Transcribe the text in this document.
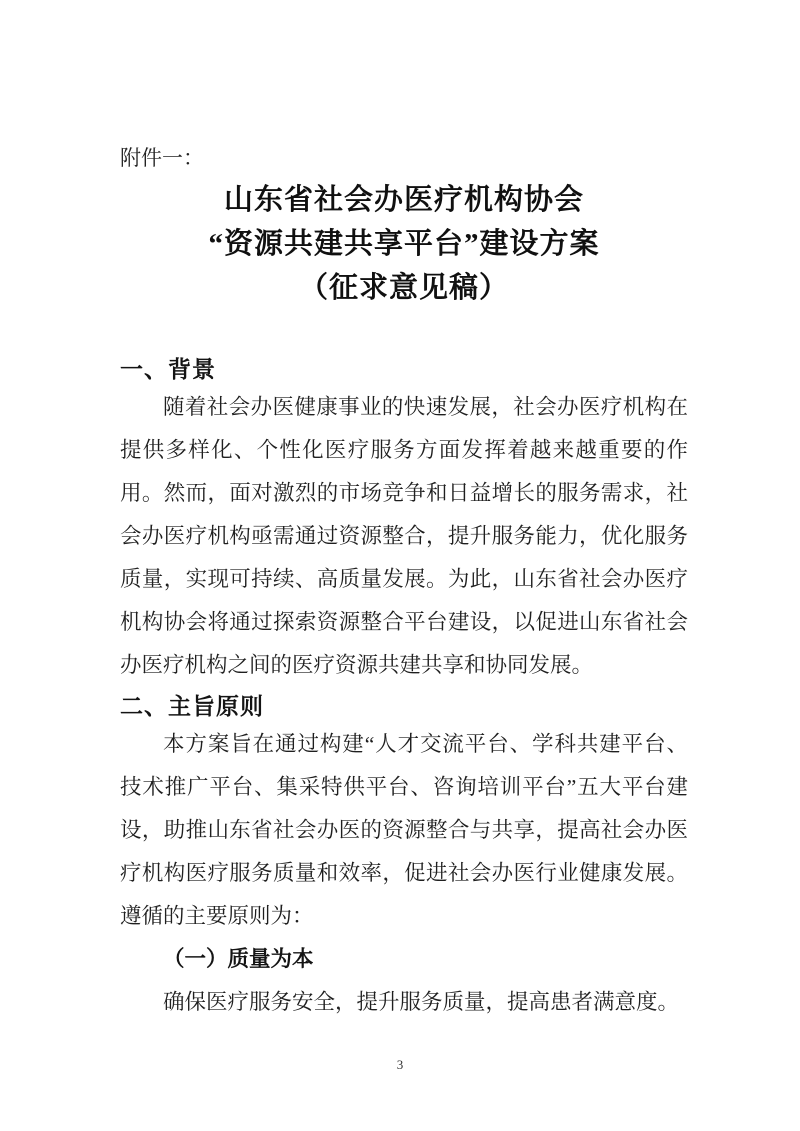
附件一：
山东省社会办医疗机构协会
“资源共建共享平台”建设方案
（征求意见稿）
一、背景

随着社会办医健康事业的快速发展，社会办医疗机构在提供多样化、个性化医疗服务方面发挥着越来越重要的作用。然而，面对激烈的市场竞争和日益增长的服务需求，社会办医疗机构亟需通过资源整合，提升服务能力，优化服务质量，实现可持续、高质量发展。为此，山东省社会办医疗机构协会将通过探索资源整合平台建设，以促进山东省社会办医疗机构之间的医疗资源共建共享和协同发展。

二、主旨原则

本方案旨在通过构建“人才交流平台、学科共建平台、技术推广平台、集采特供平台、咨询培训平台”五大平台建设，助推山东省社会办医的资源整合与共享，提高社会办医疗机构医疗服务质量和效率，促进社会办医行业健康发展。遵循的主要原则为：

（一）质量为本

确保医疗服务安全，提升服务质量，提高患者满意度。

3
